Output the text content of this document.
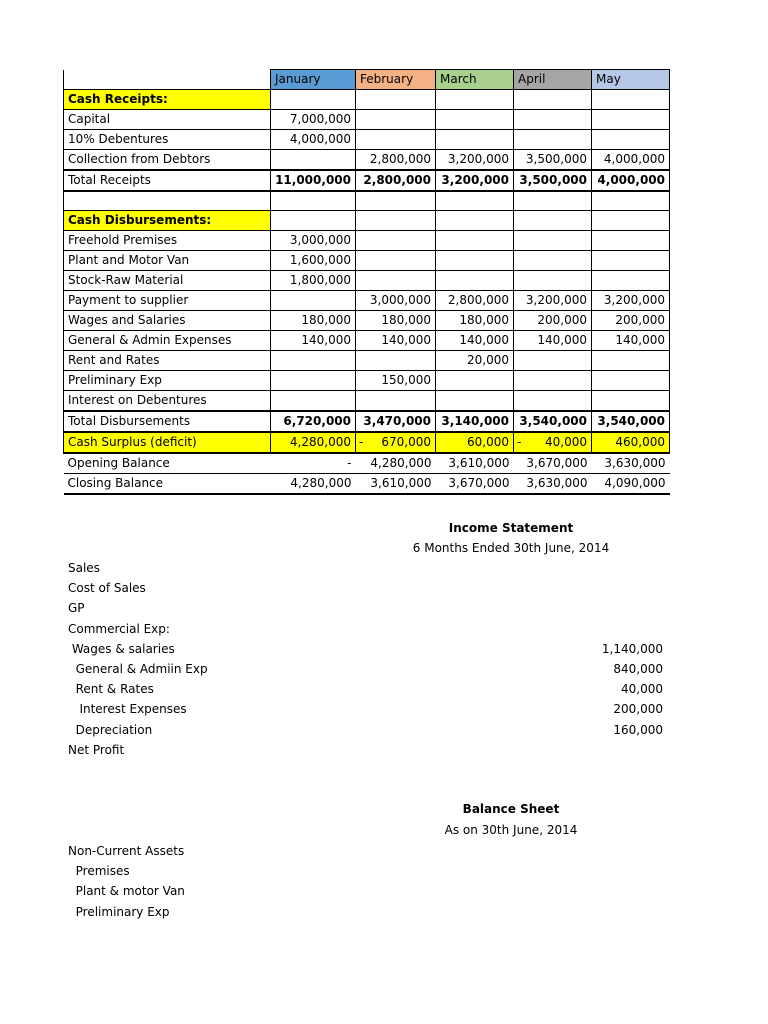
	January	February	March	April	May
Cash Receipts:					
Capital	7,000,000				
10% Debentures	4,000,000				
Collection from Debtors		2,800,000	3,200,000	3,500,000	4,000,000
Total Receipts	11,000,000	2,800,000	3,200,000	3,500,000	4,000,000

Cash Disbursements:					
Freehold Premises	3,000,000				
Plant and Motor Van	1,600,000				
Stock-Raw Material	1,800,000				
Payment to supplier		3,000,000	2,800,000	3,200,000	3,200,000
Wages and Salaries	180,000	180,000	180,000	200,000	200,000
General & Admin Expenses	140,000	140,000	140,000	140,000	140,000
Rent and Rates			20,000		
Preliminary Exp		150,000			
Interest on Debentures					
Total Disbursements	6,720,000	3,470,000	3,140,000	3,540,000	3,540,000
Cash Surplus (deficit)	4,280,000	- 670,000	60,000	- 40,000	460,000
Opening Balance	-	4,280,000	3,610,000	3,670,000	3,630,000
Closing Balance	4,280,000	3,610,000	3,670,000	3,630,000	4,090,000
Income Statement
6 Months Ended 30th June, 2014
Sales
Cost of Sales
GP
Commercial Exp:
Wages & salaries	1,140,000
General & Admiin Exp	840,000
Rent & Rates	40,000
Interest Expenses	200,000
Depreciation	160,000
Net Profit
Balance Sheet
As on 30th June, 2014
Non-Current Assets
Premises
Plant & motor Van
Preliminary Exp
